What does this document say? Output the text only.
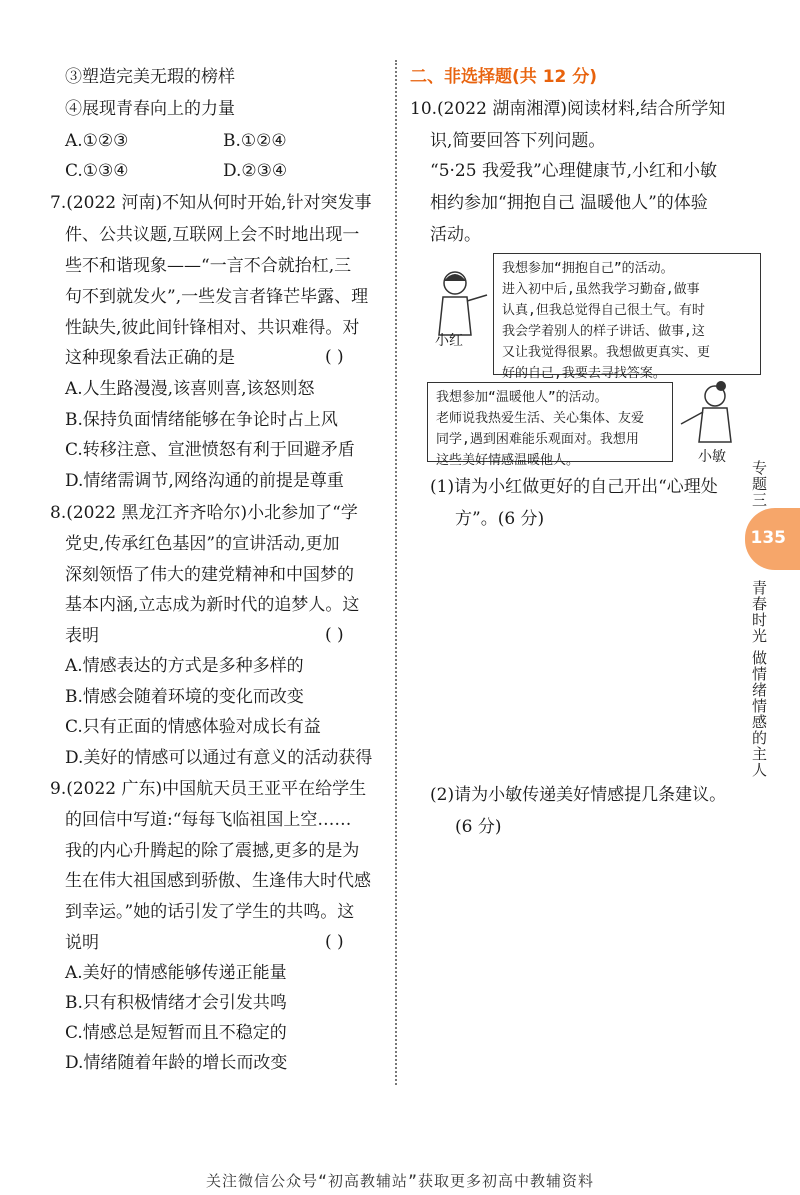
③塑造完美无瑕的榜样
④展现青春向上的力量
A.①②③	B.①②④
C.①③④	D.②③④
7.(2022 河南)不知从何时开始,针对突发事
件、公共议题,互联网上会不时地出现一
些不和谐现象——“一言不合就抬杠,三
句不到就发火”,一些发言者锋芒毕露、理
性缺失,彼此间针锋相对、共识难得。对
这种现象看法正确的是	( )
A.人生路漫漫,该喜则喜,该怒则怒
B.保持负面情绪能够在争论时占上风
C.转移注意、宣泄愤怒有利于回避矛盾
D.情绪需调节,网络沟通的前提是尊重
8.(2022 黑龙江齐齐哈尔)小北参加了“学
党史,传承红色基因”的宣讲活动,更加
深刻领悟了伟大的建党精神和中国梦的
基本内涵,立志成为新时代的追梦人。这
表明	( )
A.情感表达的方式是多种多样的
B.情感会随着环境的变化而改变
C.只有正面的情感体验对成长有益
D.美好的情感可以通过有意义的活动获得
9.(2022 广东)中国航天员王亚平在给学生
的回信中写道:“每每飞临祖国上空……
我的内心升腾起的除了震撼,更多的是为
生在伟大祖国感到骄傲、生逢伟大时代感
到幸运。”她的话引发了学生的共鸣。这
说明	( )
A.美好的情感能够传递正能量
B.只有积极情绪才会引发共鸣
C.情感总是短暂而且不稳定的
D.情绪随着年龄的增长而改变
二、非选择题(共 12 分)
10.(2022 湖南湘潭)阅读材料,结合所学知
识,简要回答下列问题。
“5·25 我爱我”心理健康节,小红和小敏
相约参加“拥抱自己 温暖他人”的体验
活动。
小红
我想参加“拥抱自己”的活动。
进入初中后,虽然我学习勤奋,做事
认真,但我总觉得自己很土气。有时
我会学着别人的样子讲话、做事,这
又让我觉得很累。我想做更真实、更
好的自己,我要去寻找答案。
我想参加“温暖他人”的活动。
老师说我热爱生活、关心集体、友爱
同学,遇到困难能乐观面对。我想用
这些美好情感温暖他人。	小敏
(1)请为小红做更好的自己开出“心理处
方”。(6 分)
(2)请为小敏传递美好情感提几条建议。
(6 分)
专题三
135
青春时光 做情绪情感的主人
关注微信公众号“初高教辅站”获取更多初高中教辅资料
